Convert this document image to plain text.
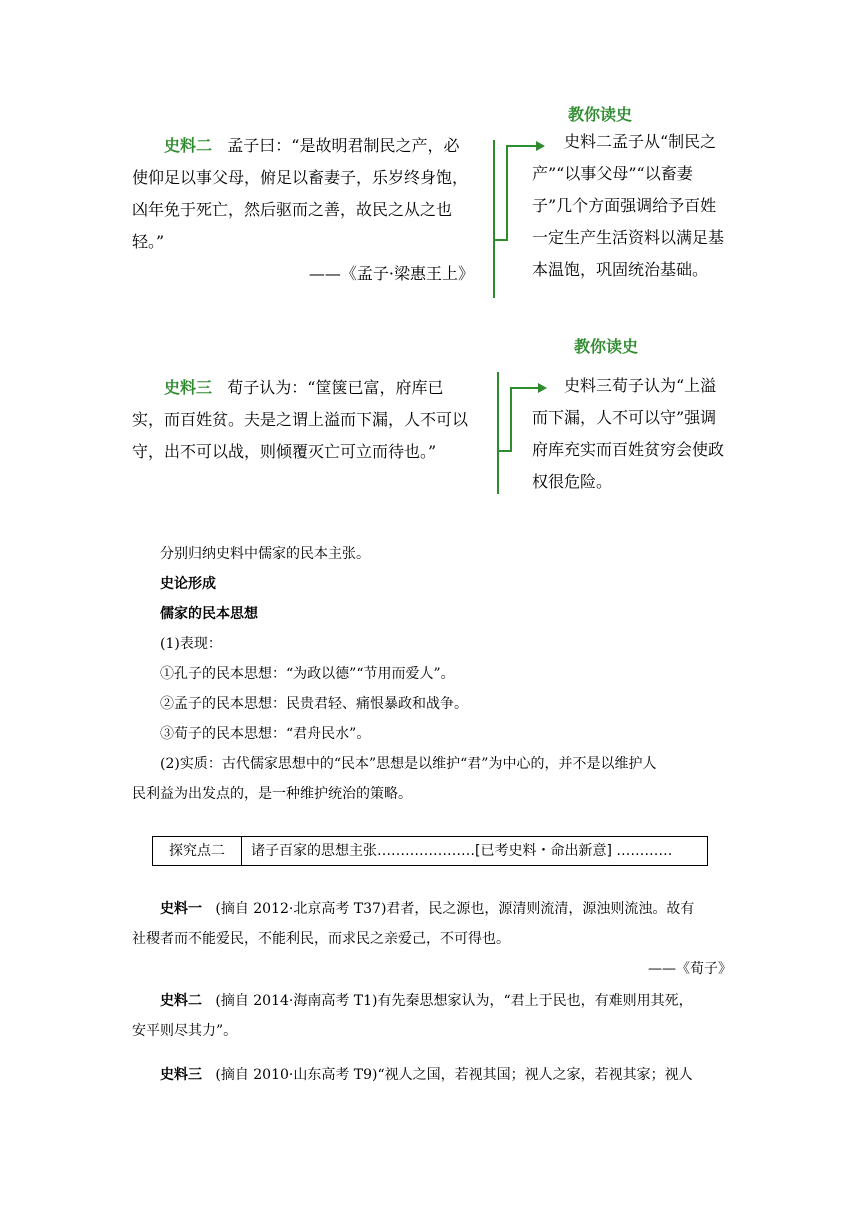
教你读史
史料二 孟子曰：“是故明君制民之产，必
使仰足以事父母，俯足以畜妻子，乐岁终身饱，
凶年免于死亡，然后驱而之善，故民之从之也
轻。”
——《孟子·梁惠王上》
史料二孟子从“制民之
产”“以事父母”“以畜妻
子”几个方面强调给予百姓
一定生产生活资料以满足基
本温饱，巩固统治基础。
教你读史
史料三 荀子认为：“筐箧已富，府库已
实，而百姓贫。夫是之谓上溢而下漏，人不可以
守，出不可以战，则倾覆灭亡可立而待也。”
史料三荀子认为“上溢
而下漏，人不可以守”强调
府库充实而百姓贫穷会使政
权很危险。
分别归纳史料中儒家的民本主张。
史论形成
儒家的民本思想
(1)表现：
①孔子的民本思想：“为政以德”“节用而爱人”。
②孟子的民本思想：民贵君轻、痛恨暴政和战争。
③荀子的民本思想：“君舟民水”。
(2)实质：古代儒家思想中的“民本”思想是以维护“君”为中心的，并不是以维护人
民利益为出发点的，是一种维护统治的策略。
探究点二	诸子百家的思想主张…………………[已考史料・命出新意] …………
史料一 (摘自 2012·北京高考 T37)君者，民之源也，源清则流清，源浊则流浊。故有
社稷者而不能爱民，不能利民，而求民之亲爱己，不可得也。
——《荀子》
史料二 (摘自 2014·海南高考 T1)有先秦思想家认为，“君上于民也，有难则用其死，
安平则尽其力”。
史料三 (摘自 2010·山东高考 T9)“视人之国，若视其国；视人之家，若视其家；视人
